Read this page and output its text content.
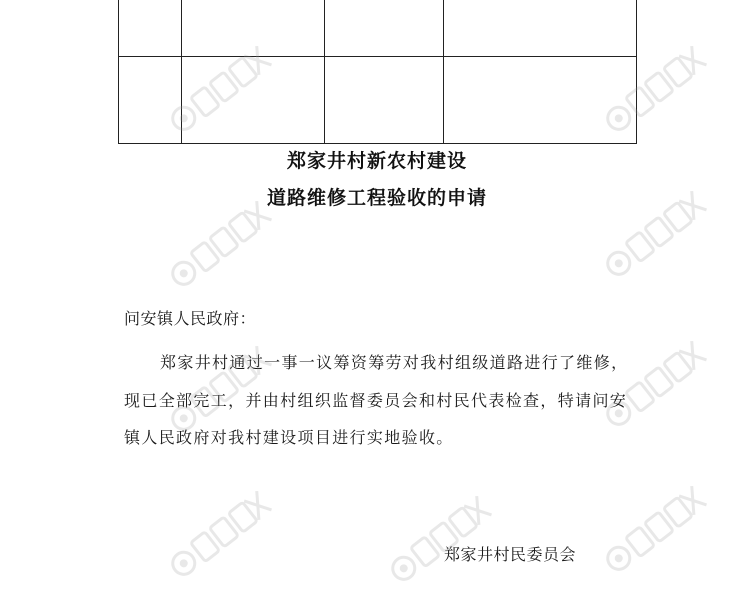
郑家井村新农村建设
道路维修工程验收的申请
问安镇人民政府：

郑家井村通过一事一议筹资筹劳对我村组级道路进行了维修，现已全部完工，并由村组织监督委员会和村民代表检查，特请问安镇人民政府对我村建设项目进行实地验收。

郑家井村民委员会
